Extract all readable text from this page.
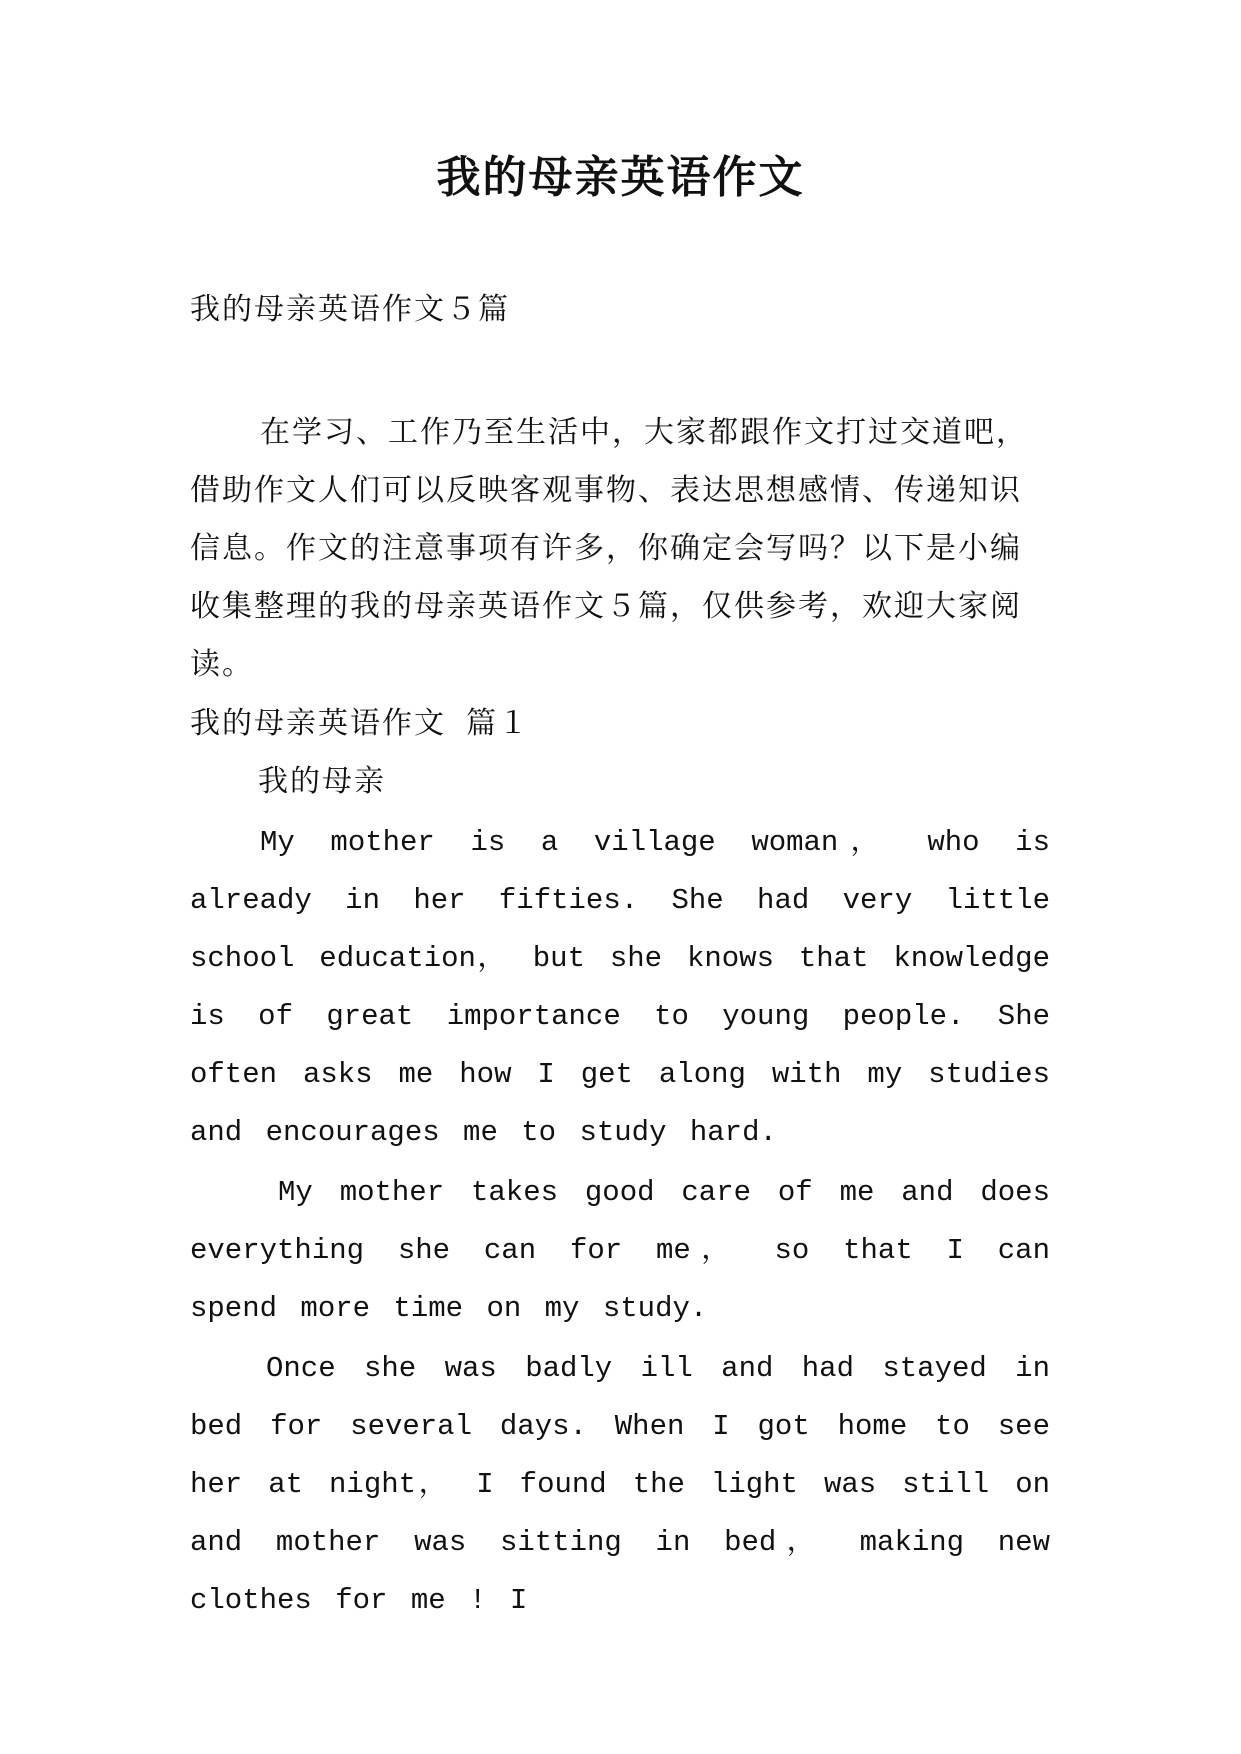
我的母亲英语作文
我的母亲英语作文５篇
在学习、工作乃至生活中，大家都跟作文打过交道吧，借助作文人们可以反映客观事物、表达思想感情、传递知识信息。作文的注意事项有许多，你确定会写吗？以下是小编收集整理的我的母亲英语作文５篇，仅供参考，欢迎大家阅读。
我的母亲英语作文 篇１
我的母亲
My mother is a village woman， who is already in her fifties. She had very little school education， but she knows that knowledge is of great importance to young people. She often asks me how I get along with my studies and encourages me to study hard.
My mother takes good care of me and does everything she can for me， so that I can spend more time on my study.
Once she was badly ill and had stayed in bed for several days. When I got home to see her at night， I found the light was still on and mother was sitting in bed， making new clothes for me ! I
